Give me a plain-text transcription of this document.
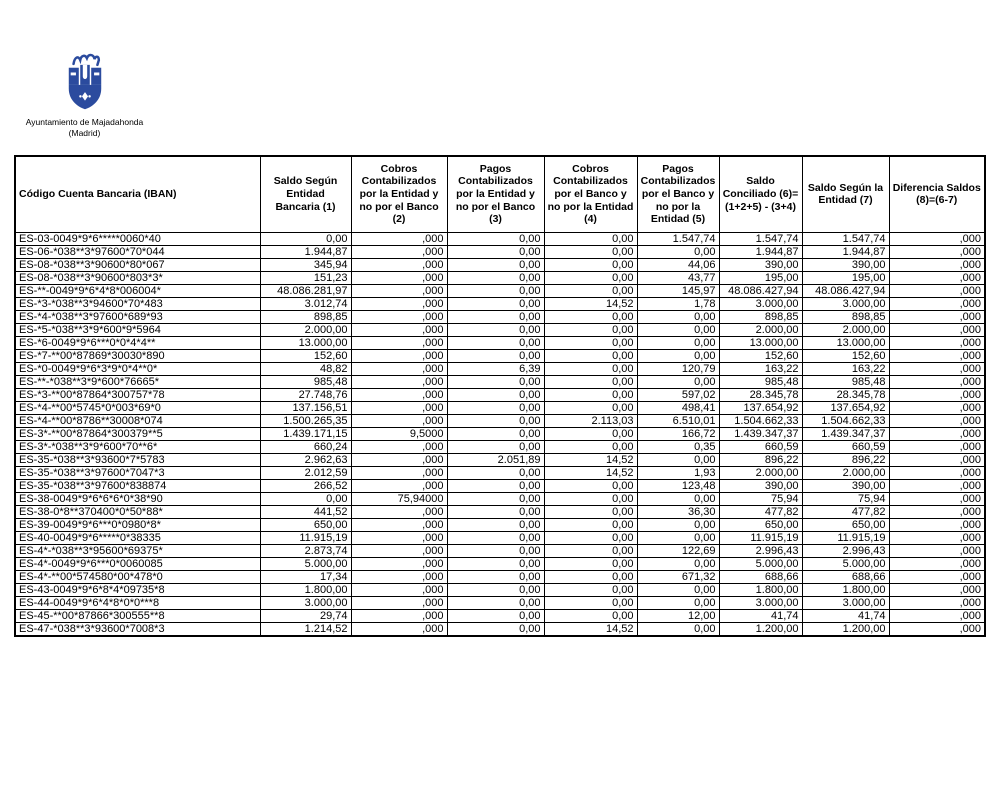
Ayuntamiento de Majadahonda
(Madrid)
Código Cuenta Bancaria (IBAN)	Saldo Según Entidad Bancaria (1)	Cobros Contabilizados por la Entidad y no por el Banco (2)	Pagos Contabilizados por la Entidad y no por el Banco (3)	Cobros Contabilizados por el Banco y no por la Entidad (4)	Pagos Contabilizados por el Banco y no por la Entidad (5)	Saldo Conciliado (6)=(1+2+5) - (3+4)	Saldo Según la Entidad (7)	Diferencia Saldos (8)=(6-7)
ES-03-0049*9*6*****0060*40	0,00	,000	0,00	0,00	1.547,74	1.547,74	1.547,74	,000
ES-06-*038**3*97600*70*044	1.944,87	,000	0,00	0,00	0,00	1.944,87	1.944,87	,000
ES-08-*038**3*90600*80*067	345,94	,000	0,00	0,00	44,06	390,00	390,00	,000
ES-08-*038**3*90600*803*3*	151,23	,000	0,00	0,00	43,77	195,00	195,00	,000
ES-**-0049*9*6*4*8*006004*	48.086.281,97	,000	0,00	0,00	145,97	48.086.427,94	48.086.427,94	,000
ES-*3-*038**3*94600*70*483	3.012,74	,000	0,00	14,52	1,78	3.000,00	3.000,00	,000
ES-*4-*038**3*97600*689*93	898,85	,000	0,00	0,00	0,00	898,85	898,85	,000
ES-*5-*038**3*9*600*9*5964	2.000,00	,000	0,00	0,00	0,00	2.000,00	2.000,00	,000
ES-*6-0049*9*6***0*0*4*4**	13.000,00	,000	0,00	0,00	0,00	13.000,00	13.000,00	,000
ES-*7-**00*87869*30030*890	152,60	,000	0,00	0,00	0,00	152,60	152,60	,000
ES-*0-0049*9*6*3*9*0*4**0*	48,82	,000	6,39	0,00	120,79	163,22	163,22	,000
ES-**-*038**3*9*600*76665*	985,48	,000	0,00	0,00	0,00	985,48	985,48	,000
ES-*3-**00*87864*300757*78	27.748,76	,000	0,00	0,00	597,02	28.345,78	28.345,78	,000
ES-*4-**00*5745*0*003*69*0	137.156,51	,000	0,00	0,00	498,41	137.654,92	137.654,92	,000
ES-*4-**00*8786**30008*074	1.500.265,35	,000	0,00	2.113,03	6.510,01	1.504.662,33	1.504.662,33	,000
ES-3*-**00*87864*300379**5	1.439.171,15	9,5000	0,00	0,00	166,72	1.439.347,37	1.439.347,37	,000
ES-3*-*038**3*9*600*70**6*	660,24	,000	0,00	0,00	0,35	660,59	660,59	,000
ES-35-*038**3*93600*7*5783	2.962,63	,000	2.051,89	14,52	0,00	896,22	896,22	,000
ES-35-*038**3*97600*7047*3	2.012,59	,000	0,00	14,52	1,93	2.000,00	2.000,00	,000
ES-35-*038**3*97600*838874	266,52	,000	0,00	0,00	123,48	390,00	390,00	,000
ES-38-0049*9*6*6*6*0*38*90	0,00	75,94000	0,00	0,00	0,00	75,94	75,94	,000
ES-38-0*8**370400*0*50*88*	441,52	,000	0,00	0,00	36,30	477,82	477,82	,000
ES-39-0049*9*6***0*0980*8*	650,00	,000	0,00	0,00	0,00	650,00	650,00	,000
ES-40-0049*9*6*****0*38335	11.915,19	,000	0,00	0,00	0,00	11.915,19	11.915,19	,000
ES-4*-*038**3*95600*69375*	2.873,74	,000	0,00	0,00	122,69	2.996,43	2.996,43	,000
ES-4*-0049*9*6***0*0060085	5.000,00	,000	0,00	0,00	0,00	5.000,00	5.000,00	,000
ES-4*-**00*574580*00*478*0	17,34	,000	0,00	0,00	671,32	688,66	688,66	,000
ES-43-0049*9*6*8*4*09735*8	1.800,00	,000	0,00	0,00	0,00	1.800,00	1.800,00	,000
ES-44-0049*9*6*4*8*0*0***8	3.000,00	,000	0,00	0,00	0,00	3.000,00	3.000,00	,000
ES-45-**00*87866*300555**8	29,74	,000	0,00	0,00	12,00	41,74	41,74	,000
ES-47-*038**3*93600*7008*3	1.214,52	,000	0,00	14,52	0,00	1.200,00	1.200,00	,000
